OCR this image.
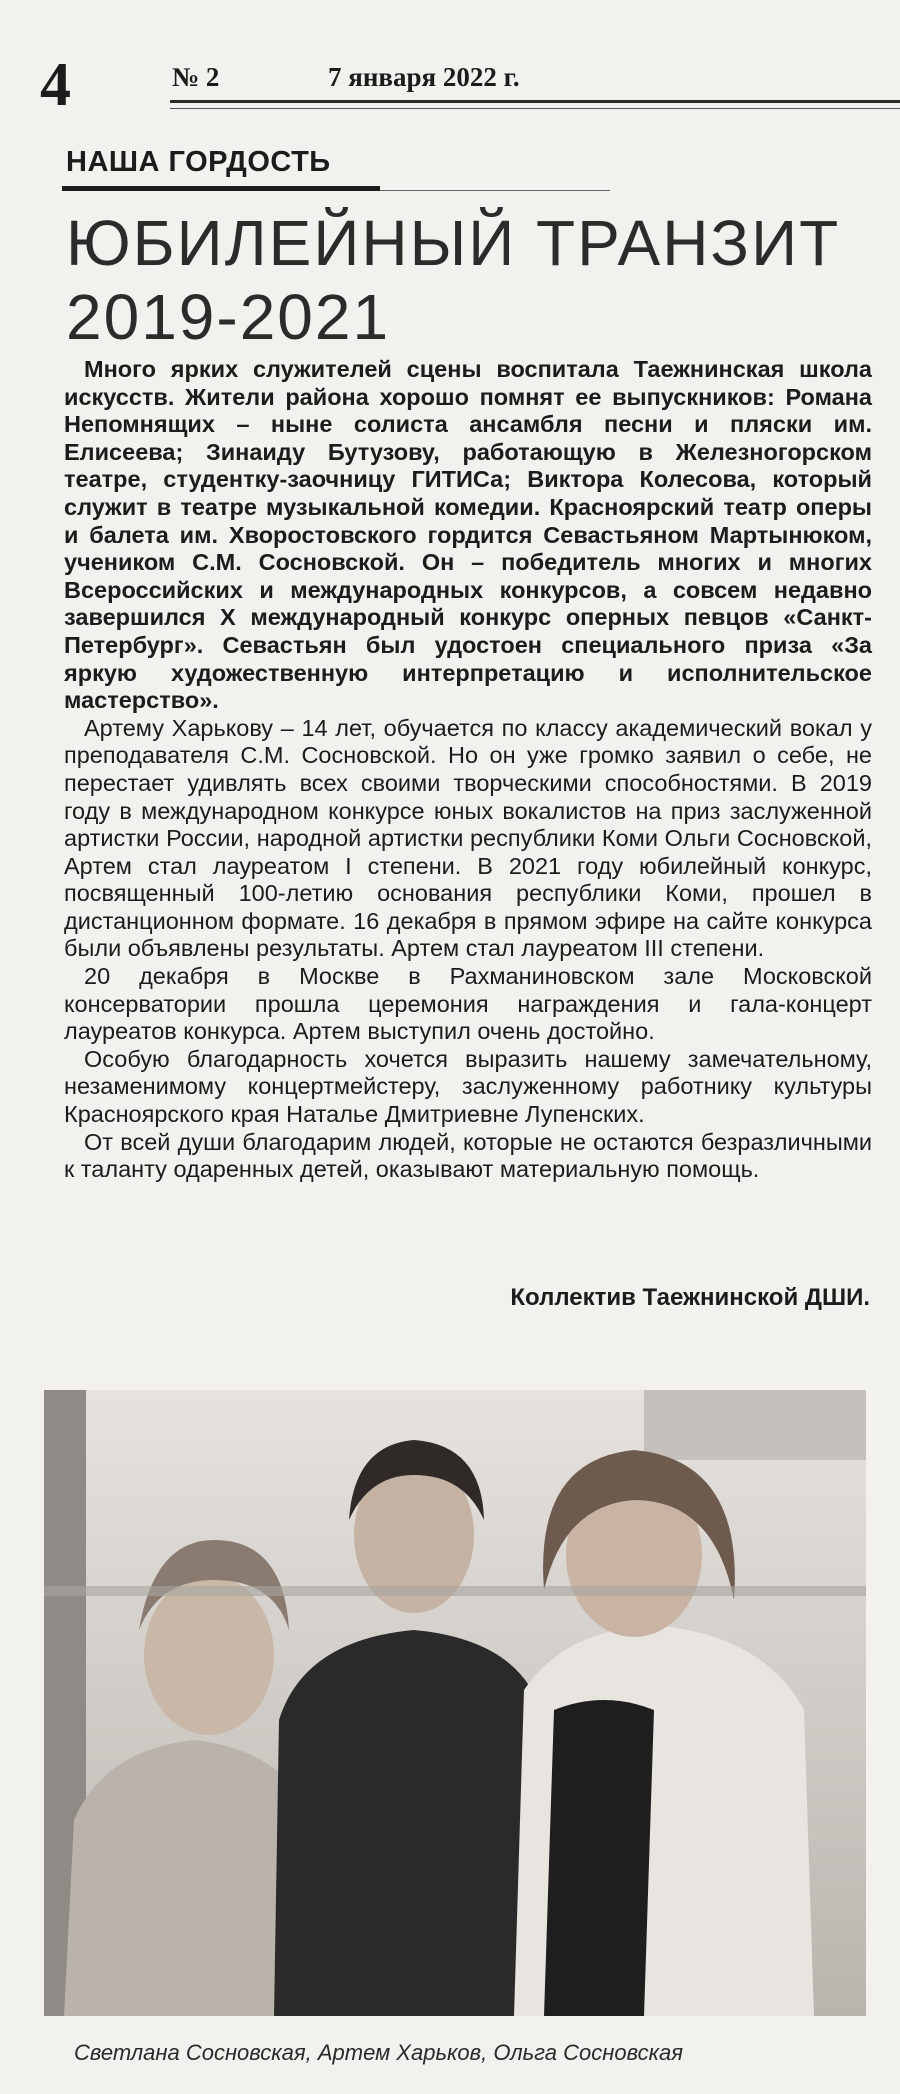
4	№ 2	7 января 2022 г.
НАША ГОРДОСТЬ
ЮБИЛЕЙНЫЙ ТРАНЗИТ
2019-2021

Много ярких служителей сцены воспитала Таежнинская школа искусств. Жители района хорошо помнят ее выпускников: Романа Непомнящих – ныне солиста ансамбля песни и пляски им. Елисеева; Зинаиду Бутузову, работающую в Железногорском театре, студентку-заочницу ГИТИСа; Виктора Колесова, который служит в театре музыкальной комедии. Красноярский театр оперы и балета им. Хворостовского гордится Севастьяном Мартынюком, учеником С.М. Сосновской. Он – победитель многих и многих Всероссийских и международных конкурсов, а совсем недавно завершился X международный конкурс оперных певцов «Санкт-Петербург». Севастьян был удостоен специального приза «За яркую художественную интерпретацию и исполнительское мастерство».

Артему Харькову – 14 лет, обучается по классу академический вокал у преподавателя С.М. Сосновской. Но он уже громко заявил о себе, не перестает удивлять всех своими творческими способностями. В 2019 году в международном конкурсе юных вокалистов на приз заслуженной артистки России, народной артистки республики Коми Ольги Сосновской, Артем стал лауреатом I степени. В 2021 году юбилейный конкурс, посвященный 100-летию основания республики Коми, прошел в дистанционном формате. 16 декабря в прямом эфире на сайте конкурса были объявлены результаты. Артем стал лауреатом III степени.

20 декабря в Москве в Рахманиновском зале Московской консерватории прошла церемония награждения и гала-концерт лауреатов конкурса. Артем выступил очень достойно.

Особую благодарность хочется выразить нашему замечательному, незаменимому концертмейстеру, заслуженному работнику культуры Красноярского края Наталье Дмитриевне Лупенских.

От всей души благодарим людей, которые не остаются безразличными к таланту одаренных детей, оказывают материальную помощь.

Коллектив Таежнинской ДШИ.
Светлана Сосновская, Артем Харьков, Ольга Сосновская
